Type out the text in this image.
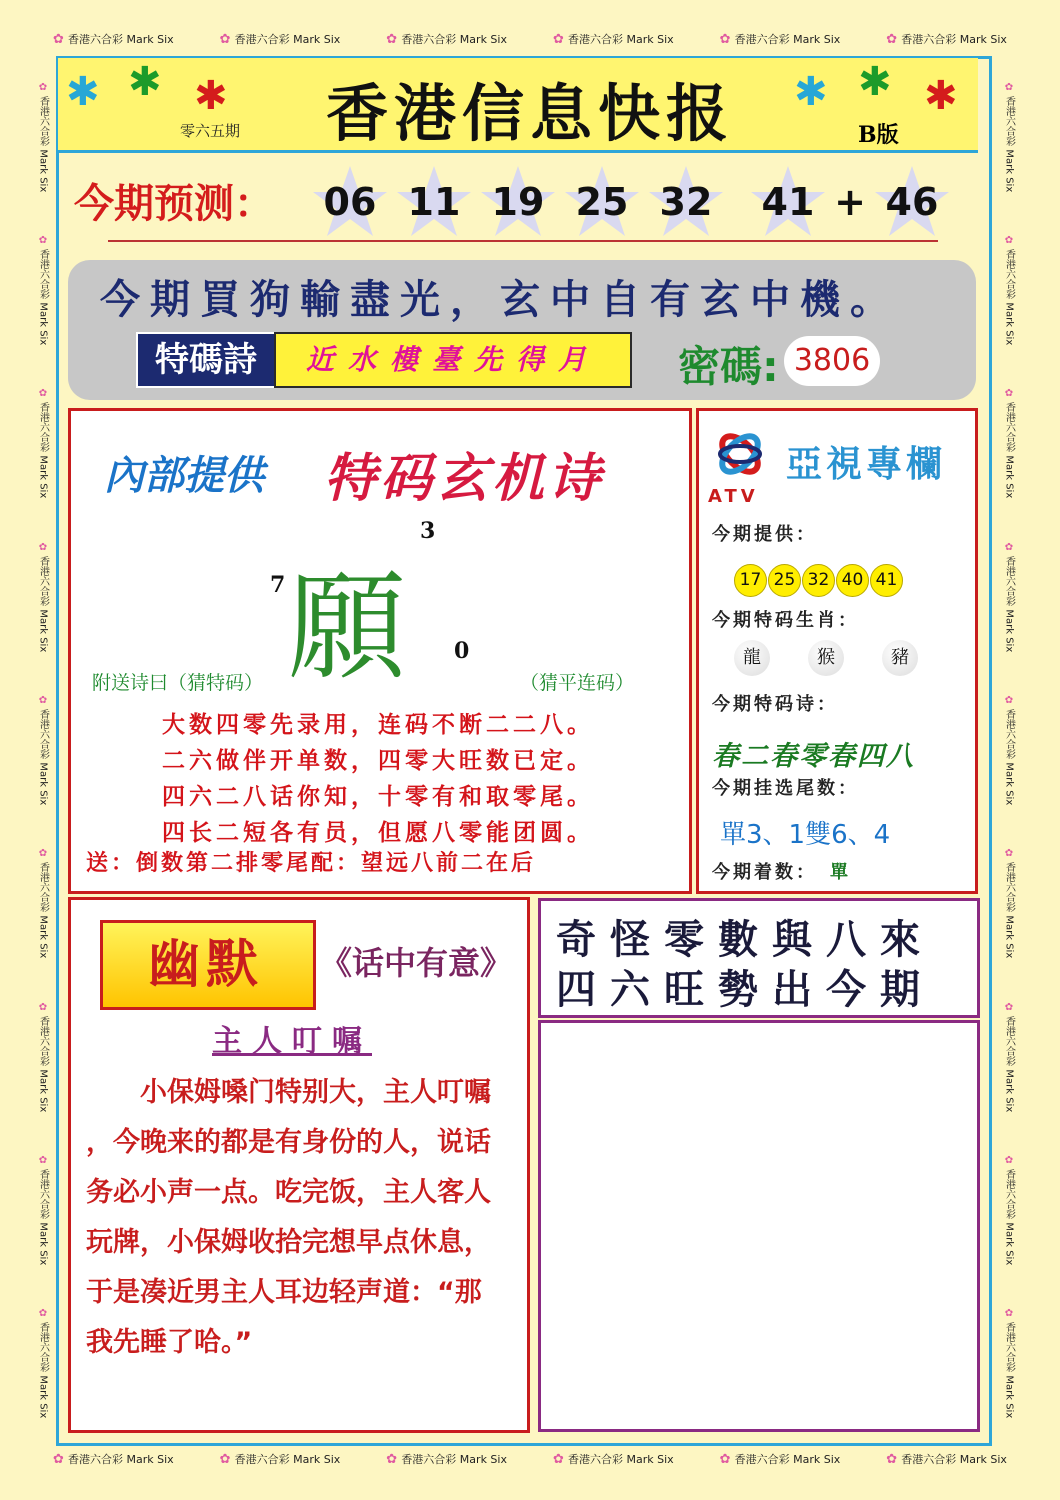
✿ 香港六合彩 Mark Six	✿ 香港六合彩 Mark Six	✿ 香港六合彩 Mark Six	✿ 香港六合彩 Mark Six	✿ 香港六合彩 Mark Six	✿ 香港六合彩 Mark Six
✿ 香港六合彩 Mark Six	✿ 香港六合彩 Mark Six	✿ 香港六合彩 Mark Six	✿ 香港六合彩 Mark Six	✿ 香港六合彩 Mark Six	✿ 香港六合彩 Mark Six
✿ 香港六合彩 Mark Six
✿ 香港六合彩 Mark Six
✿ 香港六合彩 Mark Six
✿ 香港六合彩 Mark Six
✿ 香港六合彩 Mark Six
✿ 香港六合彩 Mark Six
✿ 香港六合彩 Mark Six
✿ 香港六合彩 Mark Six
✿ 香港六合彩 Mark Six
✿ 香港六合彩 Mark Six
✿ 香港六合彩 Mark Six
✿ 香港六合彩 Mark Six
✿ 香港六合彩 Mark Six
✿ 香港六合彩 Mark Six
✿ 香港六合彩 Mark Six
✿ 香港六合彩 Mark Six
✿ 香港六合彩 Mark Six
✿ 香港六合彩 Mark Six
✱ ✱ ✱	✱ ✱ ✱
香港信息快报
零六五期	B版
今期预测：	06 11 19 25 32	41 + 46
今期買狗輸盡光，玄中自有玄中機。
特碼詩	近水樓臺先得月	密碼: 3806
內部提供 特码玄机诗
願
3
7
0
附送诗曰（猜特码）	（猜平连码）
大数四零先录用，连码不断二二八。
二六做伴开单数，四零大旺数已定。
四六二八话你知，十零有和取零尾。
四长二短各有员，但愿八零能团圆。
送：倒数第二排零尾配：望远八前二在后
ATV
亞視專欄
今期提供：
17 25 32 40 41
今期特码生肖：
龍	猴	豬
今期特码诗：
春二春零春四八
今期挂选尾数：
單3、1雙6、4
今期着数： 單
幽默	《话中有意》
主人叮嘱
　　小保姆嗓门特别大，主人叮嘱
，今晚来的都是有身份的人，说话
务必小声一点。吃完饭，主人客人
玩牌，小保姆收拾完想早点休息，
于是凑近男主人耳边轻声道：“那
我先睡了哈。”
奇怪零數與八來
四六旺勢出今期
